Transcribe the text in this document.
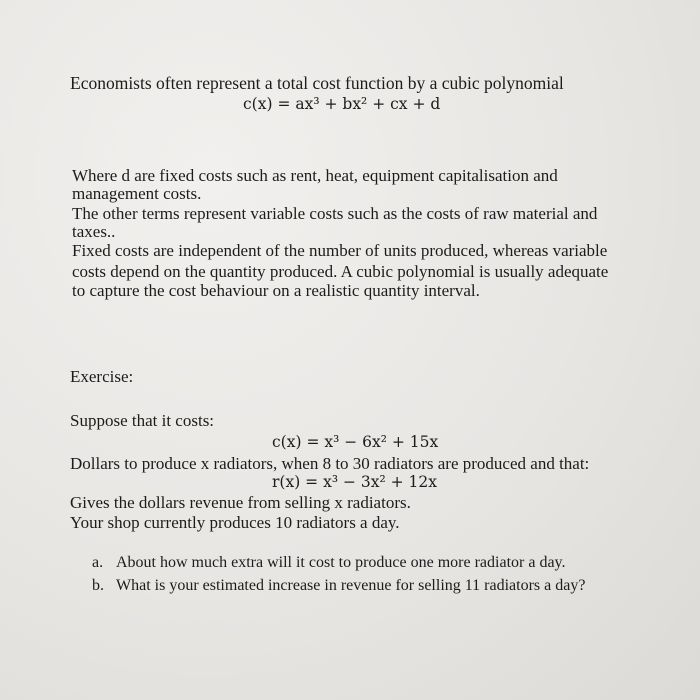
Economists often represent a total cost function by a cubic polynomial
c(x) = ax³ + bx² + cx + d
Where d are fixed costs such as rent, heat, equipment capitalisation and
management costs.
The other terms represent variable costs such as the costs of raw material and
taxes..
Fixed costs are independent of the number of units produced, whereas variable
costs depend on the quantity produced. A cubic polynomial is usually adequate
to capture the cost behaviour on a realistic quantity interval.
Exercise:
Suppose that it costs:
c(x) = x³ − 6x² + 15x
Dollars to produce x radiators, when 8 to 30 radiators are produced and that:
r(x) = x³ − 3x² + 12x
Gives the dollars revenue from selling x radiators.
Your shop currently produces 10 radiators a day.
a. About how much extra will it cost to produce one more radiator a day.
b. What is your estimated increase in revenue for selling 11 radiators a day?
